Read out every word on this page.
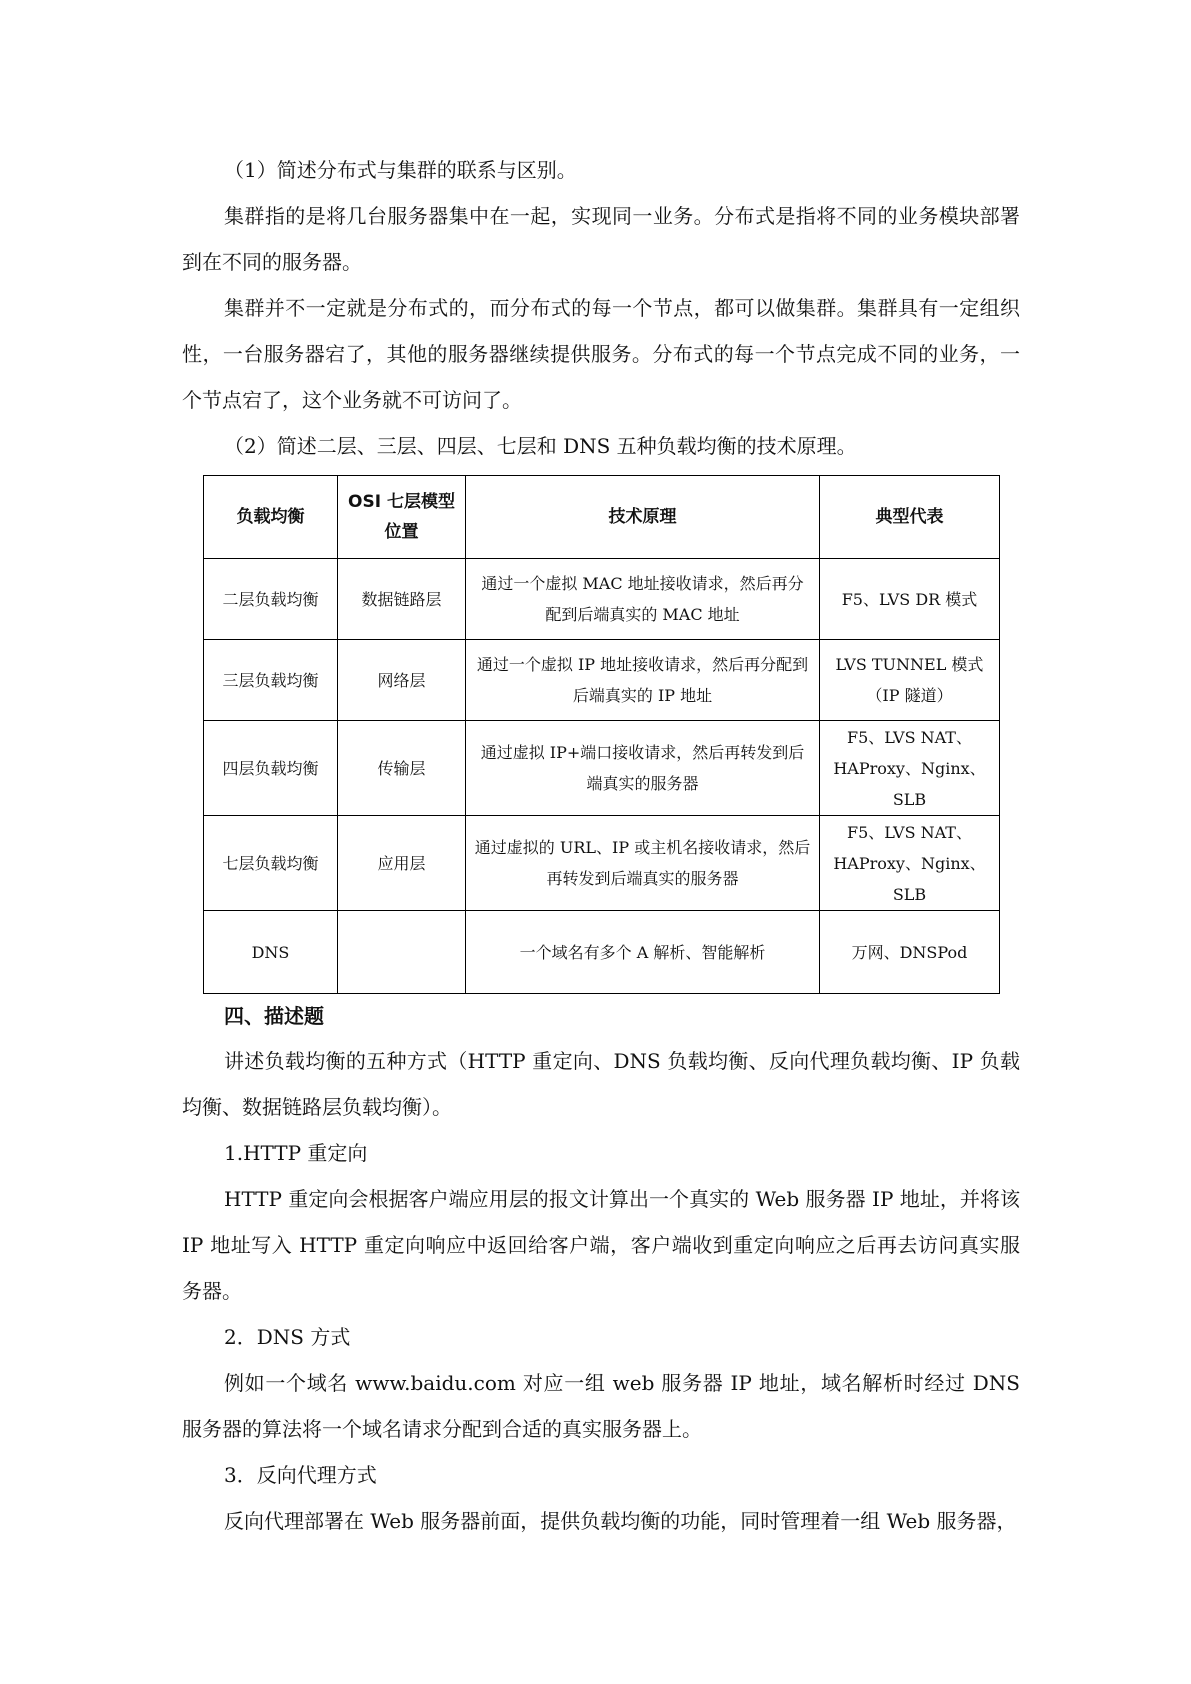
（1）简述分布式与集群的联系与区别。

集群指的是将几台服务器集中在一起，实现同一业务。分布式是指将不同的业务模块部署到在不同的服务器。

集群并不一定就是分布式的，而分布式的每一个节点，都可以做集群。集群具有一定组织性，一台服务器宕了，其他的服务器继续提供服务。分布式的每一个节点完成不同的业务，一个节点宕了，这个业务就不可访问了。

（2）简述二层、三层、四层、七层和 DNS 五种负载均衡的技术原理。

负载均衡	OSI 七层模型位置	技术原理	典型代表
二层负载均衡	数据链路层	通过一个虚拟 MAC 地址接收请求，然后再分配到后端真实的 MAC 地址	F5、LVS DR 模式
三层负载均衡	网络层	通过一个虚拟 IP 地址接收请求，然后再分配到后端真实的 IP 地址	LVS TUNNEL 模式（IP 隧道）
四层负载均衡	传输层	通过虚拟 IP+端口接收请求，然后再转发到后端真实的服务器	F5、LVS NAT、HAProxy、Nginx、SLB
七层负载均衡	应用层	通过虚拟的 URL、IP 或主机名接收请求，然后再转发到后端真实的服务器	F5、LVS NAT、HAProxy、Nginx、SLB
DNS		一个域名有多个 A 解析、智能解析	万网、DNSPod

四、描述题

讲述负载均衡的五种方式（HTTP 重定向、DNS 负载均衡、反向代理负载均衡、IP 负载均衡、数据链路层负载均衡）。

1.HTTP 重定向

HTTP 重定向会根据客户端应用层的报文计算出一个真实的 Web 服务器 IP 地址，并将该 IP 地址写入 HTTP 重定向响应中返回给客户端，客户端收到重定向响应之后再去访问真实服务器。

2．DNS 方式

例如一个域名 www.baidu.com 对应一组 web 服务器 IP 地址，域名解析时经过 DNS 服务器的算法将一个域名请求分配到合适的真实服务器上。

3．反向代理方式

反向代理部署在 Web 服务器前面，提供负载均衡的功能，同时管理着一组 Web 服务器，
